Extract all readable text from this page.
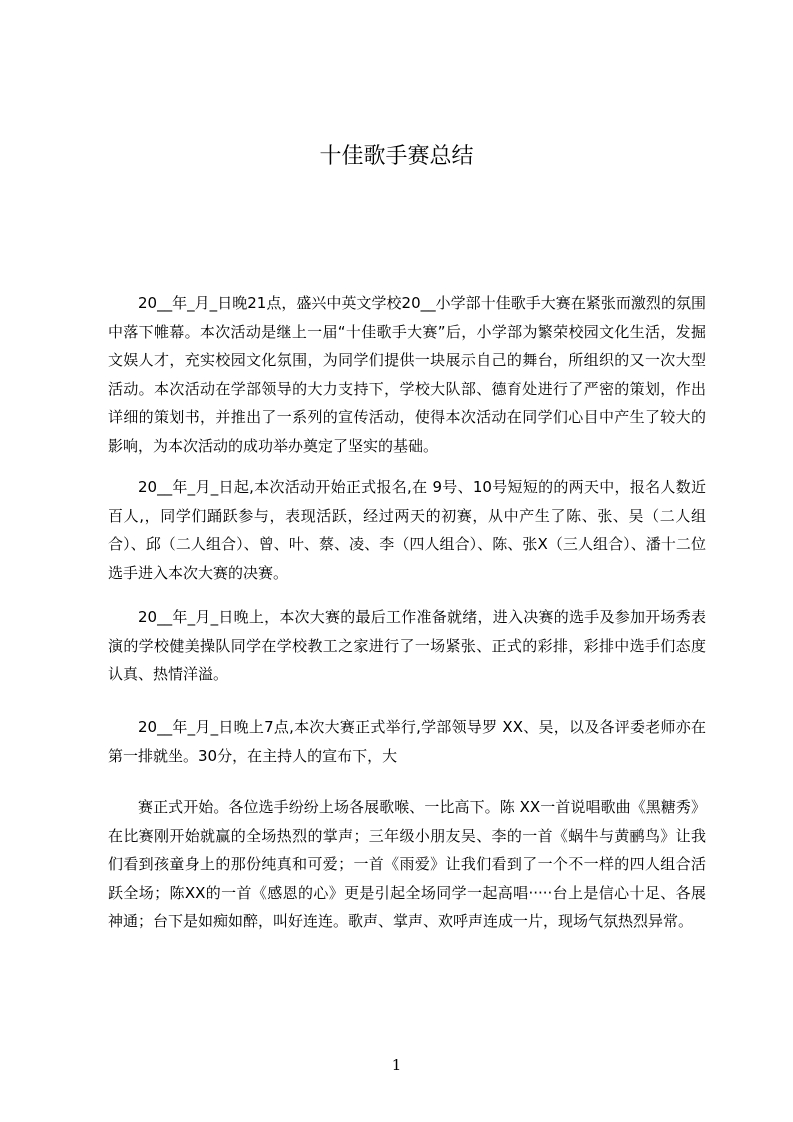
十佳歌手赛总结

20__年_月_日晚21点，盛兴中英文学校20__小学部十佳歌手大赛在紧张而激烈的氛围中落下帷幕。本次活动是继上一届“十佳歌手大赛”后，小学部为繁荣校园文化生活，发掘文娱人才，充实校园文化氛围，为同学们提供一块展示自己的舞台，所组织的又一次大型活动。本次活动在学部领导的大力支持下，学校大队部、德育处进行了严密的策划，作出详细的策划书，并推出了一系列的宣传活动，使得本次活动在同学们心目中产生了较大的影响，为本次活动的成功举办奠定了坚实的基础。

20__年_月_日起,本次活动开始正式报名,在 9号、10号短短的的两天中，报名人数近百人,，同学们踊跃参与，表现活跃，经过两天的初赛，从中产生了陈、张、吴（二人组合）、邱（二人组合）、曾、叶、蔡、凌、李（四人组合）、陈、张X（三人组合）、潘十二位选手进入本次大赛的决赛。

20__年_月_日晚上，本次大赛的最后工作准备就绪，进入决赛的选手及参加开场秀表演的学校健美操队同学在学校教工之家进行了一场紧张、正式的彩排，彩排中选手们态度认真、热情洋溢。

20__年_月_日晚上7点,本次大赛正式举行,学部领导罗 XX、吴，以及各评委老师亦在第一排就坐。30分，在主持人的宣布下，大

赛正式开始。各位选手纷纷上场各展歌喉、一比高下。陈 XX一首说唱歌曲《黑糖秀》在比赛刚开始就赢的全场热烈的掌声；三年级小朋友吴、李的一首《蜗牛与黄鹂鸟》让我们看到孩童身上的那份纯真和可爱；一首《雨爱》让我们看到了一个不一样的四人组合活跃全场；陈XX的一首《感恩的心》更是引起全场同学一起高唱·····台上是信心十足、各展神通；台下是如痴如醉，叫好连连。歌声、掌声、欢呼声连成一片，现场气氛热烈异常。

1
